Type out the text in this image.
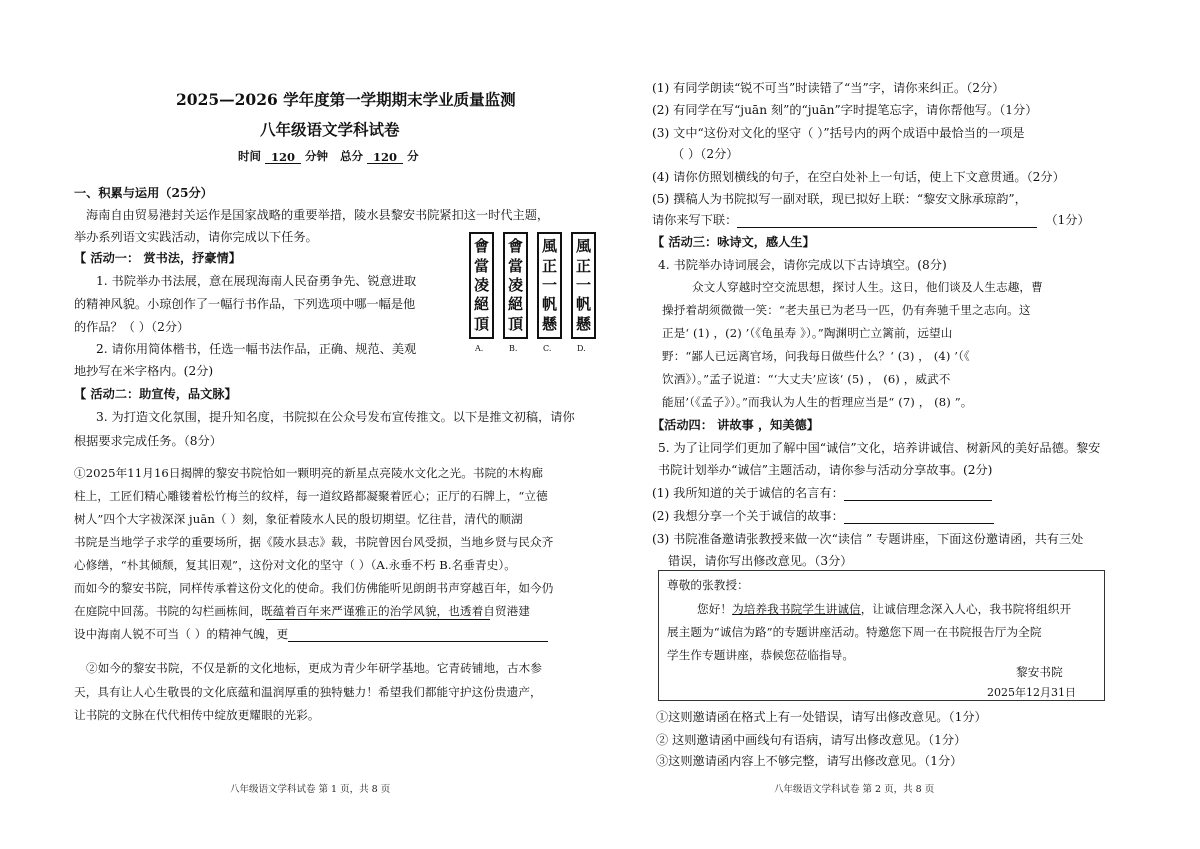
2025—2026 学年度第一学期期末学业质量监测
八年级语文学科试卷
时间 120 分钟 总分 120 分
一、积累与运用（25分）
海南自由贸易港封关运作是国家战略的重要举措，陵水县黎安书院紧扣这一时代主题，
举办系列语文实践活动，请你完成以下任务。
【 活动一： 赏书法，抒豪情】
1. 书院举办书法展，意在展现海南人民奋勇争先、锐意进取
的精神风貌。小琼创作了一幅行书作品，下列选项中哪一幅是他
的作品？（ ）（2分）
2. 请你用简体楷书，任选一幅书法作品，正确、规范、美观
地抄写在米字格内。(2分)
會
當
凌
絕
頂
會
當
凌
絕
頂
風
正
一
帆
懸
風
正
一
帆
懸
A.	B.	C.	D.
【 活动二：助宣传，品文脉】
3. 为打造文化氛围，提升知名度，书院拟在公众号发布宣传推文。以下是推文初稿，请你
根据要求完成任务。（8分）
①2025年11月16日揭牌的黎安书院恰如一颗明亮的新星点亮陵水文化之光。书院的木构廊
柱上，工匠们精心雕镂着松竹梅兰的纹样，每一道纹路都凝聚着匠心；正厅的石牌上，“立德
树人”四个大字祓深深 juān（ ）刻，象征着陵水人民的殷切期望。忆往昔，清代的顺湖
书院是当地学子求学的重要场所，据《陵水县志》载，书院曾因台风受损，当地乡贤与民众齐
心修缮，“朴其倾颓，复其旧观”，这份对文化的坚守（ ）（A.永垂不朽 B.名垂青史）。
而如今的黎安书院，同样传承着这份文化的使命。我们仿佛能听见朗朗书声穿越百年，如今仍
在庭院中回荡。书院的勾栏画栋间，既蕴着百年来严谨雅正的治学风貌，也透着自贸港建
设中海南人锐不可当（ ）的精神气魄，更
②如今的黎安书院，不仅是新的文化地标，更成为青少年研学基地。它青砖铺地，古木参
天，具有让人心生敬畏的文化底蕴和温润厚重的独特魅力！希望我们都能守护这份贵遗产，
让书院的文脉在代代相传中绽放更耀眼的光彩。
八年级语文学科试卷 第 1 页，共 8 页
(1) 有同学朗读“锐不可当”时读错了“当”字，请你来纠正。（2分）
(2) 有同学在写“juān 刻”的“juān”字时提笔忘字，请你帮他写。（1分）
(3) 文中“这份对文化的坚守（ ）”括号内的两个成语中最恰当的一项是
（ ）（2分）
(4) 请你仿照划横线的句子，在空白处补上一句话，使上下文意贯通。（2分）
(5) 撰稿人为书院拟写一副对联，现已拟好上联：“黎安文脉承琼韵”，
请你来写下联：	（1分）
【 活动三：咏诗文，感人生】
4. 书院举办诗词展会，请你完成以下古诗填空。(8分)
众文人穿越时空交流思想，探讨人生。这日，他们谈及人生志趣，曹
操抒着胡须微微一笑：“老夫虽已为老马一匹，仍有奔驰千里之志向。这
正是‘ (1) ，(2) ’（《龟虽寿 》）。”陶渊明亡立篱前，远望山
野：“鄙人已远离官场，问我每日做些什么？‘ (3) ， (4) ’（《
饮酒》）。”孟子说道：“‘大丈夫’应该‘ (5) ， (6) ，威武不
能屈’（《孟子》）。”而我认为人生的哲理应当是“ (7) ， (8) ”。
【活动四： 讲故事 ，知美德】
5. 为了让同学们更加了解中国“诚信”文化，培养讲诚信、树新风的美好品德。黎安
书院计划举办“诚信”主题活动，请你参与活动分享故事。(2分)
(1) 我所知道的关于诚信的名言有：
(2) 我想分享一个关于诚信的故事：
(3) 书院准备邀请张教授来做一次“读信 ” 专题讲座，下面这份邀请函，共有三处
错误，请你写出修改意见。（3分）
尊敬的张教授：
您好！为培养我书院学生讲诚信，让诚信理念深入人心，我书院将组织开
展主题为“诚信为路”的专题讲座活动。特邀您下周一在书院报告厅为全院
学生作专题讲座，恭候您莅临指导。
黎安书院
2025年12月31日
①这则邀请函在格式上有一处错误，请写出修改意见。（1分）
② 这则邀请函中画线句有语病，请写出修改意见。（1分）
③这则邀请函内容上不够完整，请写出修改意见。（1分）
八年级语文学科试卷 第 2 页，共 8 页
